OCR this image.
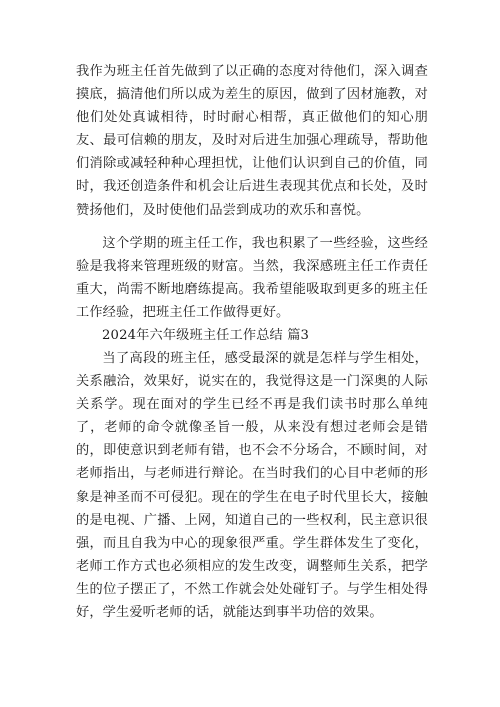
我作为班主任首先做到了以正确的态度对待他们，深入调查摸底，搞清他们所以成为差生的原因，做到了因材施教，对他们处处真诚相待，时时耐心相帮，真正做他们的知心朋友、最可信赖的朋友，及时对后进生加强心理疏导，帮助他们消除或减轻种种心理担忧，让他们认识到自己的价值，同时，我还创造条件和机会让后进生表现其优点和长处，及时赞扬他们，及时使他们品尝到成功的欢乐和喜悦。

这个学期的班主任工作，我也积累了一些经验，这些经验是我将来管理班级的财富。当然，我深感班主任工作责任重大，尚需不断地磨练提高。我希望能吸取到更多的班主任工作经验，把班主任工作做得更好。

2024年六年级班主任工作总结 篇3

当了高段的班主任，感受最深的就是怎样与学生相处，关系融洽，效果好，说实在的，我觉得这是一门深奥的人际关系学。现在面对的学生已经不再是我们读书时那么单纯了，老师的命令就像圣旨一般，从来没有想过老师会是错的，即使意识到老师有错，也不会不分场合，不顾时间，对老师指出，与老师进行辩论。在当时我们的心目中老师的形象是神圣而不可侵犯。现在的学生在电子时代里长大，接触的是电视、广播、上网，知道自己的一些权利，民主意识很强，而且自我为中心的现象很严重。学生群体发生了变化，老师工作方式也必须相应的发生改变，调整师生关系，把学生的位子摆正了，不然工作就会处处碰钉子。与学生相处得好，学生爱听老师的话，就能达到事半功倍的效果。
